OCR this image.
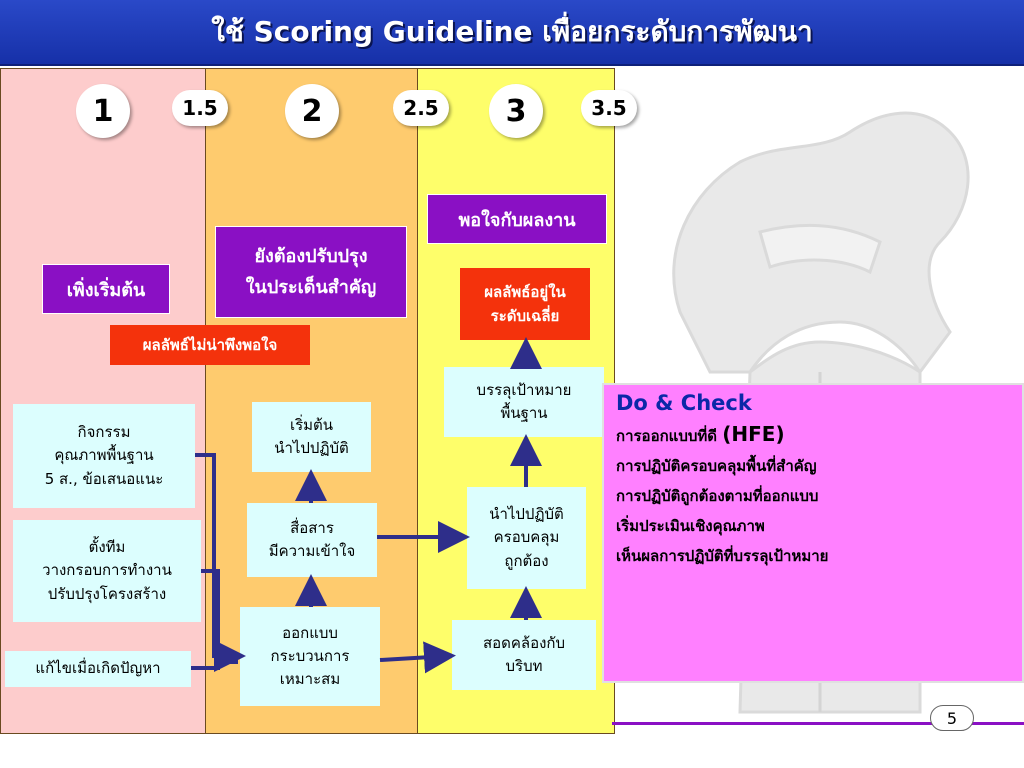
ใช้ Scoring Guideline เพื่อยกระดับการพัฒนา
1	1.5	2	2.5	3	3.5
เพิ่งเริ่มต้น
ยังต้องปรับปรุง
ในประเด็นสำคัญ
พอใจกับผลงาน
ผลลัพธ์ไม่น่าพึงพอใจ
ผลลัพธ์อยู่ใน
ระดับเฉลี่ย
กิจกรรม
คุณภาพพื้นฐาน
5 ส., ข้อเสนอแนะ
ตั้งทีม
วางกรอบการทำงาน
ปรับปรุงโครงสร้าง
แก้ไขเมื่อเกิดปัญหา
เริ่มต้น
นำไปปฏิบัติ
สื่อสาร
มีความเข้าใจ
ออกแบบ
กระบวนการ
เหมาะสม
บรรลุเป้าหมาย
พื้นฐาน
นำไปปฏิบัติ
ครอบคลุม
ถูกต้อง
สอดคล้องกับ
บริบท
Do & Check
การออกแบบที่ดี (HFE)
การปฏิบัติครอบคลุมพื้นที่สำคัญ
การปฏิบัติถูกต้องตามที่ออกแบบ
เริ่มประเมินเชิงคุณภาพ
เห็นผลการปฏิบัติที่บรรลุเป้าหมาย
5
